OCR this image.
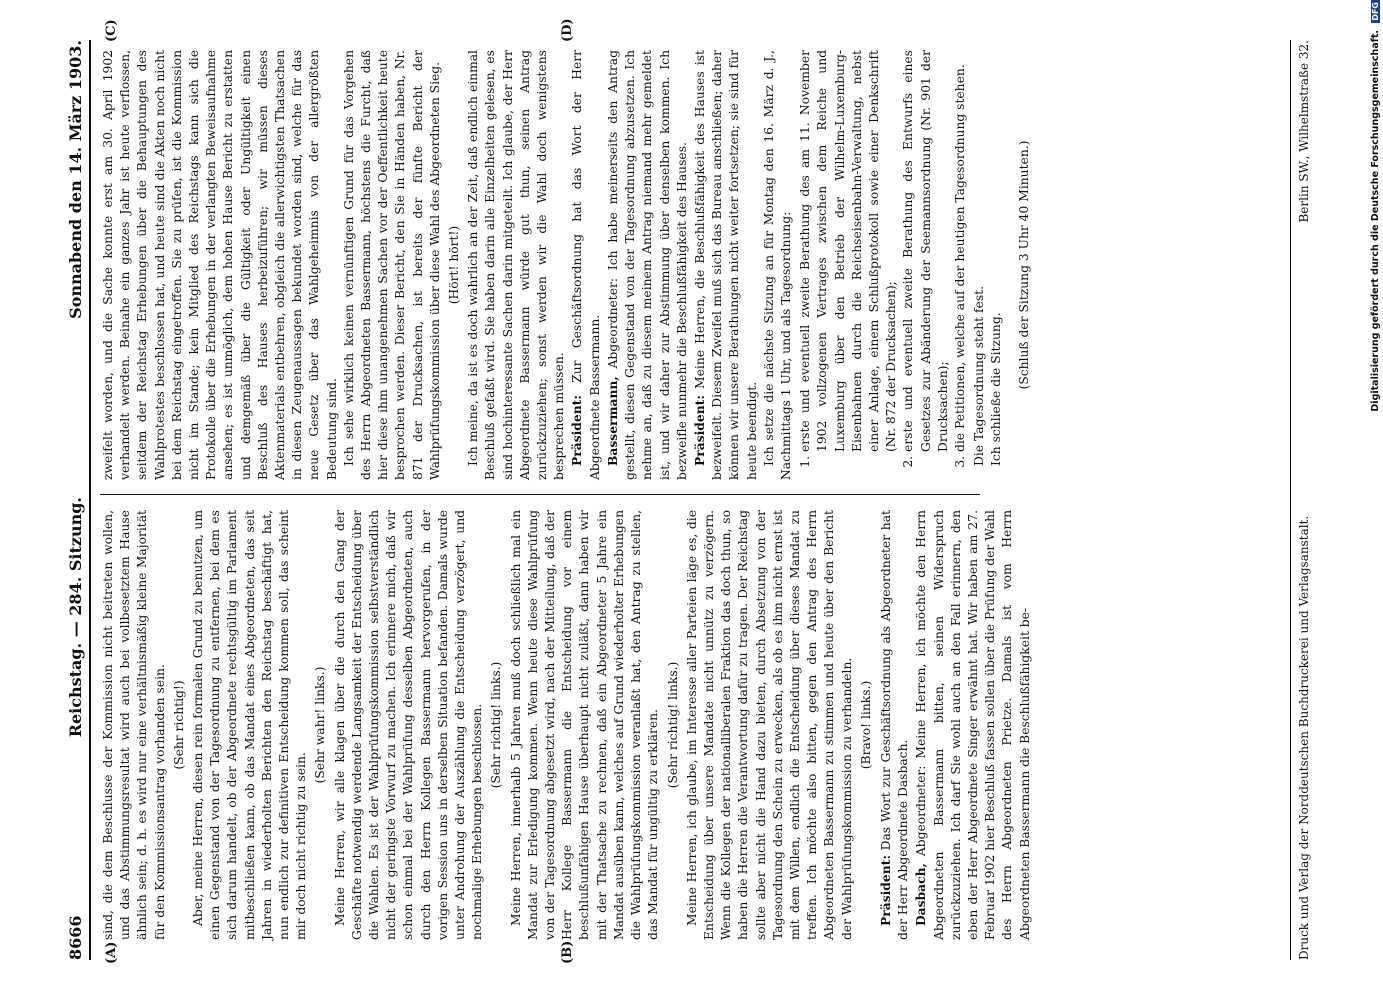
8666
Reichstag. — 284. Sitzung.
Sonnabend den 14. März 1903.
(A)	(B)
(C)	(D)

sind, die dem Beschlusse der Kommission nicht beitreten wollen, und das Abstimmungsresultat wird auch bei vollbesetztem Hause ähnlich sein; d. h. es wird nur eine verhältnismäßig kleine Majorität für den Kommissionsantrag vorhanden sein. (Sehr richtig!) Aber, meine Herren, diesen rein formalen Grund zu benutzen, um einen Gegenstand von der Tagesordnung zu entfernen, bei dem es sich darum handelt, ob der Abgeordnete rechtsgültig im Parlament mitbeschließen kann, ob das Mandat eines Abgeordneten, das seit Jahren in wiederholten Berichten den Reichstag beschäftigt hat, nun endlich zur definitiven Entscheidung kommen soll, das scheint mir doch nicht richtig zu sein.

(Sehr wahr! links.) Meine Herren, wir alle klagen über die durch den Gang der Geschäfte notwendig werdende Langsamkeit der Entscheidung über die Wahlen. Es ist der Wahlprüfungskommission selbstverständlich nicht der geringste Vorwurf zu machen. Ich erinnere mich, daß wir schon einmal bei der Wahlprüfung desselben Abgeordneten, auch durch den Herrn Kollegen Bassermann hervorgerufen, in der vorigen Session uns in derselben Situation befanden. Damals wurde unter Androhung der Auszählung die Entscheidung verzögert, und nochmalige Erhebungen beschlossen. (Sehr richtig! links.) Meine Herren, innerhalb 5 Jahren muß doch schließlich mal ein Mandat zur Erledigung kommen. Wenn heute diese Wahlprüfung von der Tagesordnung abgesetzt wird, nach der Mitteilung, daß der Herr Kollege Bassermann die Entscheidung vor einem beschlußunfähigen Hause überhaupt nicht zuläßt, dann haben wir mit der Thatsache zu rechnen, daß ein Abgeordneter 5 Jahre ein Mandat ausüben kann, welches auf Grund wiederholter Erhebungen die Wahlprüfungskommission veranlaßt hat, den Antrag zu stellen, das Mandat für ungültig zu erklären. (Sehr richtig! links.) Meine Herren, ich glaube, im Interesse aller Parteien läge es, die Entscheidung über unsere Mandate nicht unnütz zu verzögern. Wenn die Kollegen der nationalliberalen Fraktion das doch thun, so haben die Herren die Verantwortung dafür zu tragen. Der Reichstag sollte aber nicht die Hand dazu bieten, durch Absetzung von der Tagesordnung den Schein zu erwecken, als ob es ihm nicht ernst ist mit dem Willen, endlich die Entscheidung über dieses Mandat zu treffen. Ich möchte also bitten, gegen den Antrag des Herrn Abgeordneten Bassermann zu stimmen und heute über den Bericht der Wahlprüfungskommission zu verhandeln. (Bravo! links.)

Präsident: Das Wort zur Geschäftsordnung als Abgeordneter hat der Herr Abgeordnete Dasbach. Dasbach, Abgeordneter: Meine Herren, ich möchte den Herrn Abgeordneten Bassermann bitten, seinen Widerspruch zurückzuziehen. Ich darf Sie wohl auch an den Fall erinnern, den eben der Herr Abgeordnete Singer erwähnt hat. Wir haben am 27. Februar 1902 hier Beschluß fassen sollen über die Prüfung der Wahl des Herrn Abgeordneten Prietze. Damals ist vom Herrn Abgeordneten Bassermann die Beschlußfähigkeit be-

zweifelt worden, und die Sache konnte erst am 30. April 1902 verhandelt werden. Beinahe ein ganzes Jahr ist heute verflossen, seitdem der Reichstag Erhebungen über die Behauptungen des Wahlprotestes beschlossen hat, und heute sind die Akten noch nicht bei dem Reichstag eingetroffen. Sie zu prüfen, ist die Kommission nicht im Stande; kein Mitglied des Reichstags kann sich die Protokolle über die Erhebungen in der verlangten Beweisaufnahme ansehen; es ist unmöglich, dem hohen Hause Bericht zu erstatten und demgemäß über die Gültigkeit oder Ungültigkeit einen Beschluß des Hauses herbeizuführen; wir müssen dieses Aktenmaterials entbehren, obgleich die allerwichtigsten Thatsachen in diesen Zeugenaussagen bekundet worden sind, welche für das neue Gesetz über das Wahlgeheimnis von der allergrößten Bedeutung sind. Ich sehe wirklich keinen vernünftigen Grund für das Vorgehen des Herrn Abgeordneten Bassermann, höchstens die Furcht, daß hier diese ihm unangenehmen Sachen vor der Oeffentlichkeit heute besprochen werden. Dieser Bericht, den Sie in Händen haben, Nr. 871 der Drucksachen, ist bereits der fünfte Bericht der Wahlprüfungskommission über diese Wahl des Abgeordneten Sieg. (Hört! hört!) Ich meine, da ist es doch wahrlich an der Zeit, daß endlich einmal Beschluß gefaßt wird. Sie haben darin alle Einzelheiten gelesen, es sind hochinteressante Sachen darin mitgeteilt. Ich glaube, der Herr Abgeordnete Bassermann würde gut thun, seinen Antrag zurückzuziehen; sonst werden wir die Wahl doch wenigstens besprechen müssen. Präsident: Zur Geschäftsordnung hat das Wort der Herr Abgeordnete Bassermann. Bassermann, Abgeordneter: Ich habe meinerseits den Antrag gestellt, diesen Gegenstand von der Tagesordnung abzusetzen. Ich nehme an, daß zu diesem meinem Antrag niemand mehr gemeldet ist, und wir daher zur Abstimmung über denselben kommen. Ich bezweifle nunmehr die Beschlußfähigkeit des Hauses. Präsident: Meine Herren, die Beschlußfähigkeit des Hauses ist bezweifelt. Diesem Zweifel muß sich das Bureau anschließen; daher können wir unsere Berathungen nicht weiter fortsetzen; sie sind für heute beendigt. Ich setze die nächste Sitzung an für Montag den 16. März d. J., Nachmittags 1 Uhr, und als Tagesordnung: 1. erste und eventuell zweite Berathung des am 11. November 1902 vollzogenen Vertrages zwischen dem Reiche und Luxemburg über den Betrieb der Wilhelm-Luxemburg-Eisenbahnen durch die Reichseisenbahn-Verwaltung, nebst einer Anlage, einem Schlußprotokoll sowie einer Denkschrift (Nr. 872 der Drucksachen); 2. erste und eventuell zweite Berathung des Entwurfs eines Gesetzes zur Abänderung der Seemannsordnung (Nr. 901 der Drucksachen); 3. die Petitionen, welche auf der heutigen Tagesordnung stehen. Die Tagesordnung steht fest. Ich schließe die Sitzung. (Schluß der Sitzung 3 Uhr 40 Minuten.)

Druck und Verlag der Norddeutschen Buchdruckerei und Verlagsanstalt.
Berlin SW., Wilhelmstraße 32.	Digitalisierung gefördert durch die Deutsche Forschungsgemeinschaft. DFG
